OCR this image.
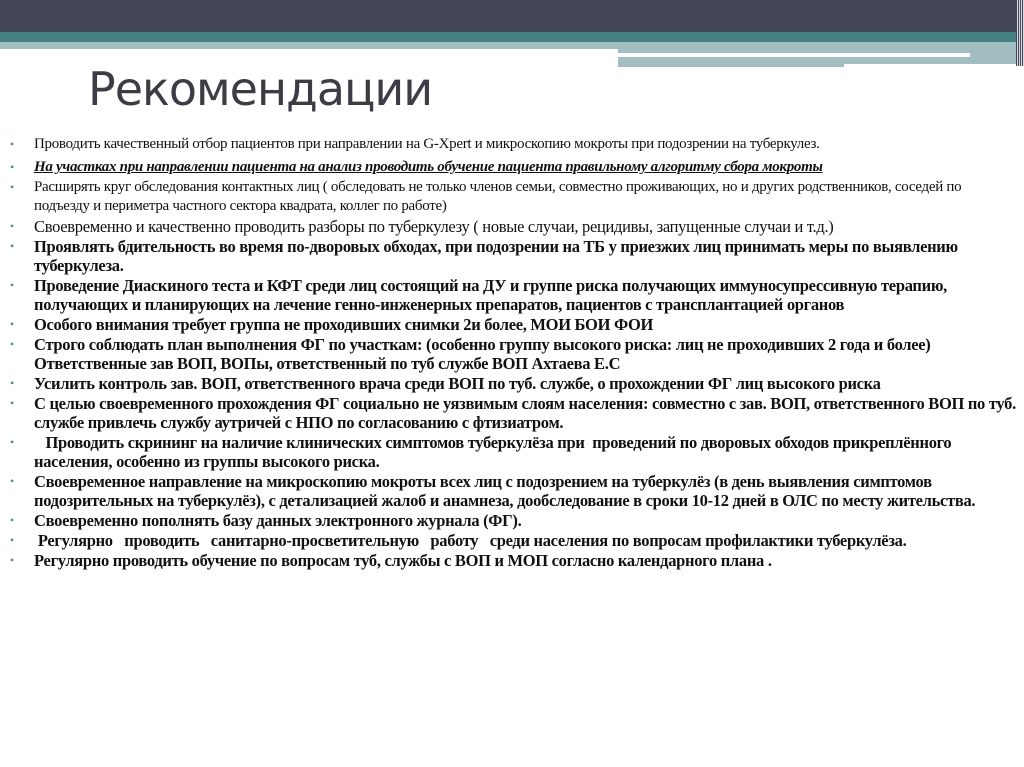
Рекомендации
• Проводить качественный отбор пациентов при направлении на G-Xpert и микроскопию мокроты при подозрении на туберкулез.
• На участках при направлении пациента на анализ проводить обучение пациента правильному алгоритму сбора мокроты
• Расширять круг обследования контактных лиц ( обследовать не только членов семьи, совместно проживающих, но и других родственников, соседей по подъезду и периметра частного сектора квадрата, коллег по работе)
• Своевременно и качественно проводить разборы по туберкулезу ( новые случаи, рецидивы, запущенные случаи и т.д.)
• Проявлять бдительность во время по-дворовых обходах, при подозрении на ТБ у приезжих лиц принимать меры по выявлению туберкулеза.
• Проведение Диаскиного теста и КФТ среди лиц состоящий на ДУ и группе риска получающих иммуносупрессивную терапию, получающих и планирующих на лечение генно-инженерных препаратов, пациентов с трансплантацией органов
• Особого внимания требует группа не проходивших снимки 2и более, МОИ БОИ ФОИ
• Строго соблюдать план выполнения ФГ по участкам: (особенно группу высокого риска: лиц не проходивших 2 года и более) Ответственные зав ВОП, ВОПы, ответственный по туб службе ВОП Ахтаева Е.С
• Усилить контроль зав. ВОП, ответственного врача среди ВОП по туб. службе, о прохождении ФГ лиц высокого риска
• С целью своевременного прохождения ФГ социально не уязвимым слоям населения: совместно с зав. ВОП, ответственного ВОП по туб. службе привлечь службу аутричей с НПО по согласованию с фтизиатром.
• Проводить скрининг на наличие клинических симптомов туберкулёза при  проведений по дворовых обходов прикреплённого населения, особенно из группы высокого риска.
• Своевременное направление на микроскопию мокроты всех лиц с подозрением на туберкулёз (в день выявления симптомов подозрительных на туберкулёз), с детализацией жалоб и анамнеза, дообследование в сроки 10-12 дней в ОЛС по месту жительства.
• Своевременно пополнять базу данных электронного журнала (ФГ).
• Регулярно   проводить   санитарно-просветительную   работу   среди населения по вопросам профилактики туберкулёза.
• Регулярно проводить обучение по вопросам туб, службы с ВОП и МОП согласно календарного плана .
